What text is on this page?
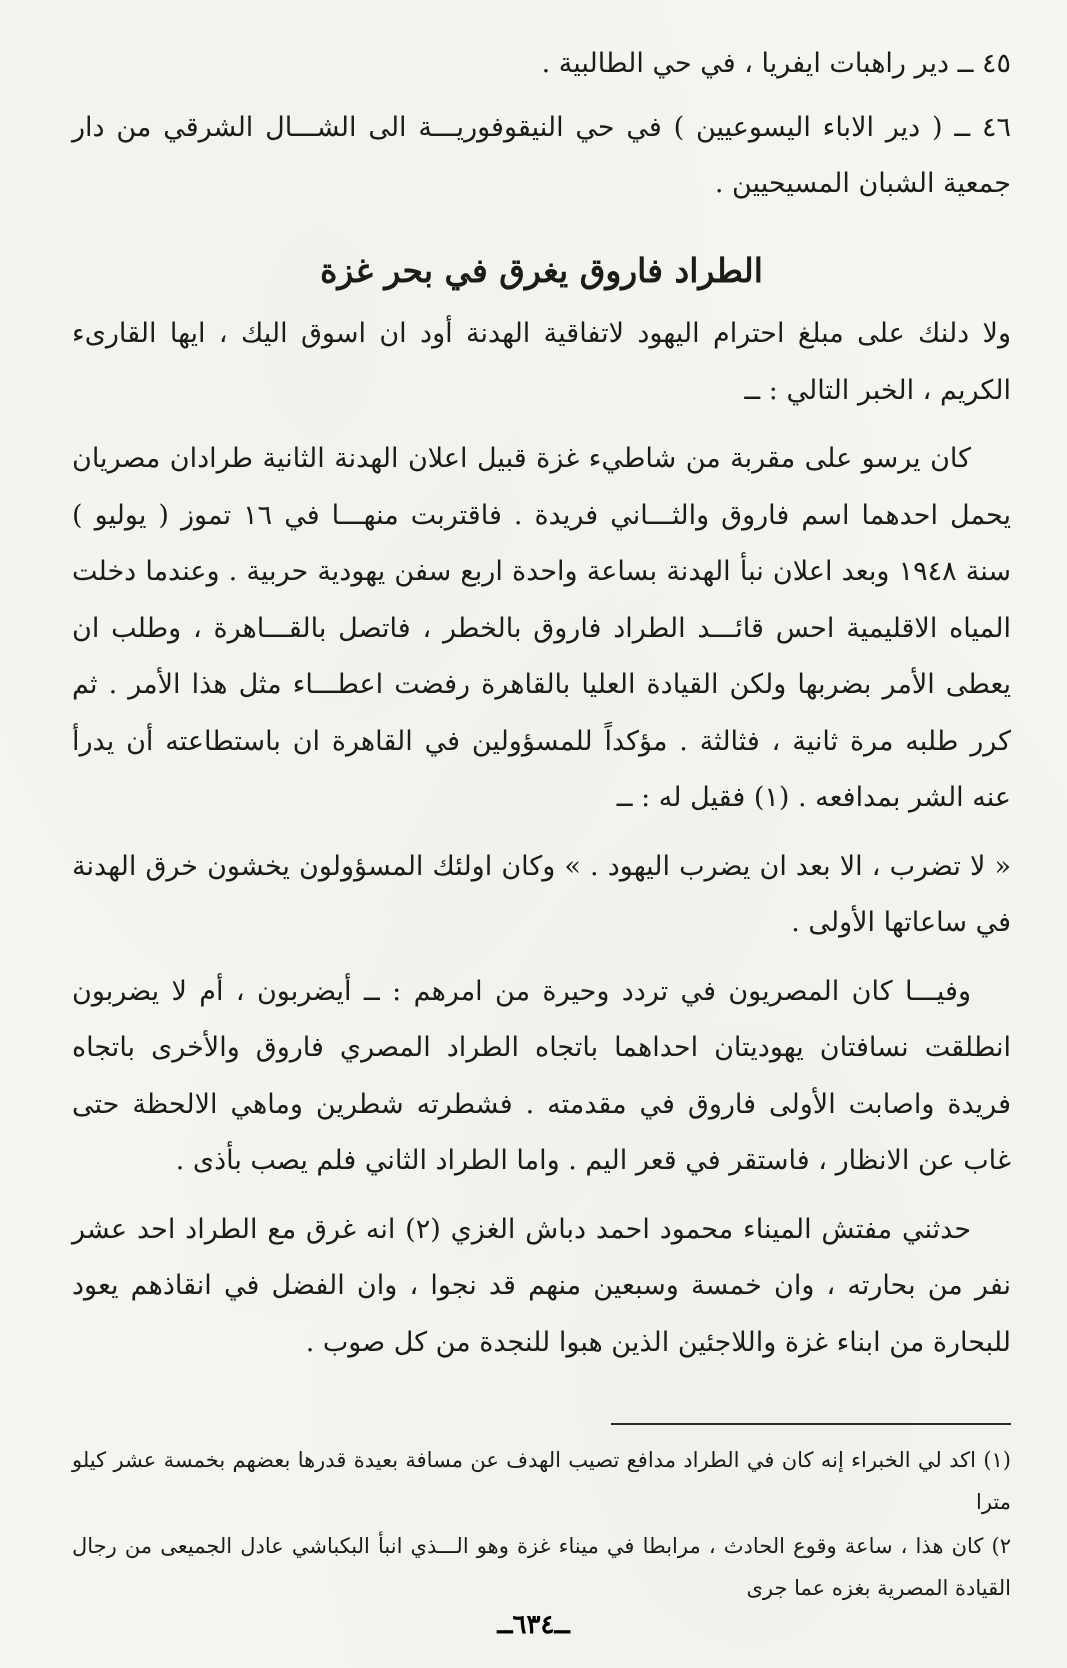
٤٥ ــ دير راهبات ايفريا ، في حي الطالبية .

٤٦ ــ ( دير الاباء اليسوعيين ) في حي النيقوفوريـــة الى الشـــال الشرقي من دار جمعية الشبان المسيحيين .

الطراد فاروق يغرق في بحر غزة

ولا دلنك على مبلغ احترام اليهود لاتفاقية الهدنة أود ان اسوق اليك ، ايها القارىء الكريم ، الخبر التالي : ــ

كان يرسو على مقربة من شاطيء غزة قبيل اعلان الهدنة الثانية طرادان مصريان يحمل احدهما اسم فاروق والثـــاني فريدة . فاقتربت منهـــا في ١٦ تموز ( يوليو ) سنة ١٩٤٨ وبعد اعلان نبأ الهدنة بساعة واحدة اربع سفن يهودية حربية . وعندما دخلت المياه الاقليمية احس قائـــد الطراد فاروق بالخطر ، فاتصل بالقـــاهرة ، وطلب ان يعطى الأمر بضربها ولكن القيادة العليا بالقاهرة رفضت اعطـــاء مثل هذا الأمر . ثم كرر طلبه مرة ثانية ، فثالثة . مؤكداً للمسؤولين في القاهرة ان باستطاعته أن يدرأ عنه الشر بمدافعه . (١) فقيل له : ــ

« لا تضرب ، الا بعد ان يضرب اليهود . » وكان اولئك المسؤولون يخشون خرق الهدنة في ساعاتها الأولى .

وفيـــا كان المصريون في تردد وحيرة من امرهم : ــ أيضربون ، أم لا يضربون انطلقت نسافتان يهوديتان احداهما باتجاه الطراد المصري فاروق والأخرى باتجاه فريدة واصابت الأولى فاروق في مقدمته . فشطرته شطرين وماهي الالحظة حتى غاب عن الانظار ، فاستقر في قعر اليم . واما الطراد الثاني فلم يصب بأذى .

حدثني مفتش الميناء محمود احمد دباش الغزي (٢) انه غرق مع الطراد احد عشر نفر من بحارته ، وان خمسة وسبعين منهم قد نجوا ، وان الفضل في انقاذهم يعود للبحارة من ابناء غزة واللاجئين الذين هبوا للنجدة من كل صوب .

(١) اكد لي الخبراء إنه كان في الطراد مدافع تصيب الهدف عن مسافة بعيدة قدرها بعضهم بخمسة عشر كيلو مترا

٢) كان هذا ، ساعة وقوع الحادث ، مرابطا في ميناء غزة وهو الـــذي انبأ البكباشي عادل الجميعى من رجال القيادة المصرية بغزه عما جرى

ــ٦٣٤ــ
